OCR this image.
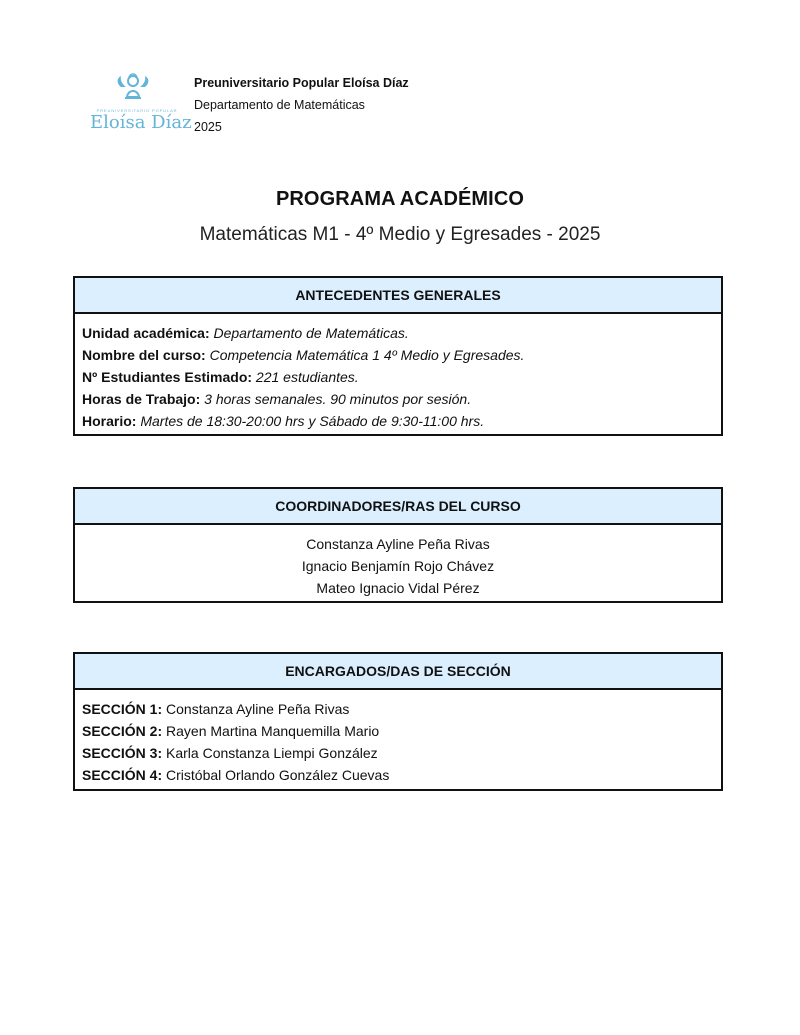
PREUNIVERSITARIO POPULAR
Eloísa Díaz
Preuniversitario Popular Eloísa Díaz
Departamento de Matemáticas
2025
PROGRAMA ACADÉMICO
Matemáticas M1 - 4º Medio y Egresades - 2025
ANTECEDENTES GENERALES
Unidad académica: Departamento de Matemáticas.
Nombre del curso: Competencia Matemática 1 4º Medio y Egresades.
Nº Estudiantes Estimado: 221 estudiantes.
Horas de Trabajo: 3 horas semanales. 90 minutos por sesión.
Horario: Martes de 18:30-20:00 hrs y Sábado de 9:30-11:00 hrs.
COORDINADORES/RAS DEL CURSO
Constanza Ayline Peña Rivas
Ignacio Benjamín Rojo Chávez
Mateo Ignacio Vidal Pérez
ENCARGADOS/DAS DE SECCIÓN
SECCIÓN 1: Constanza Ayline Peña Rivas
SECCIÓN 2: Rayen Martina Manquemilla Mario
SECCIÓN 3: Karla Constanza Liempi González
SECCIÓN 4: Cristóbal Orlando González Cuevas
